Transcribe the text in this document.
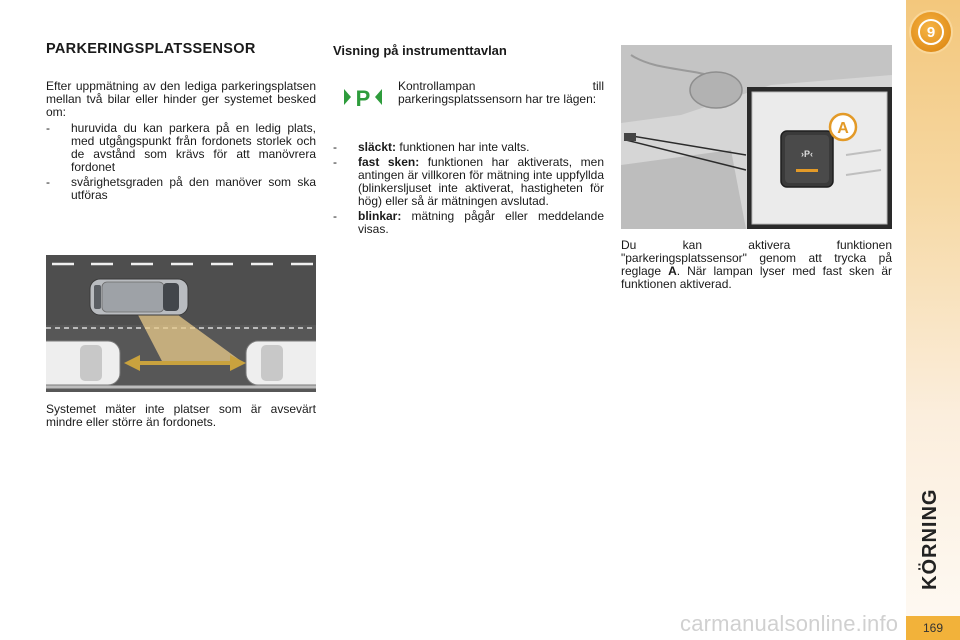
9
KÖRNING
169
PARKERINGSPLATSSENSOR
Efter uppmätning av den lediga parkeringsplatsen mellan två bilar eller hinder ger systemet besked om:
- huruvida du kan parkera på en ledig plats, med utgångspunkt från fordonets storlek och de avstånd som krävs för att manövrera fordonet
- svårighetsgraden på den manöver som ska utföras
Systemet mäter inte platser som är avsevärt mindre eller större än fordonets.
Visning på instrumenttavlan
P Kontrollampan till parkeringsplatssensorn har tre lägen:
- släckt: funktionen har inte valts.
- fast sken: funktionen har aktiverats, men antingen är villkoren för mätning inte uppfyllda (blinkersljuset inte aktiverat, hastigheten för hög) eller så är mätningen avslutad.
- blinkar: mätning pågår eller meddelande visas.
›P‹
A
Du kan aktivera funktionen "parkeringsplatssensor" genom att trycka på reglage A. När lampan lyser med fast sken är funktionen aktiverad.
carmanualsonline.info
